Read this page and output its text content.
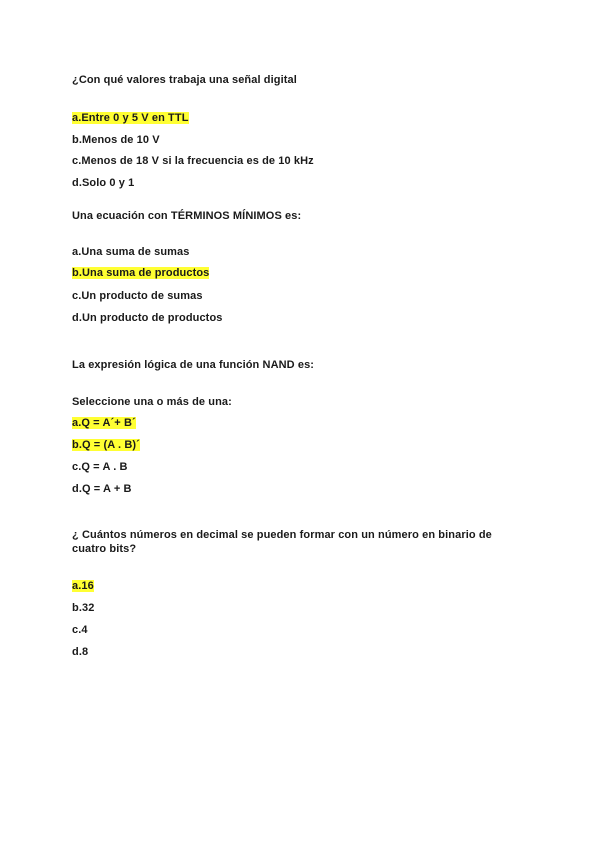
¿Con qué valores trabaja una señal digital
a.Entre 0 y 5 V en TTL
b.Menos de 10 V
c.Menos de 18 V si la frecuencia es de 10 kHz
d.Solo 0 y 1
Una ecuación con TÉRMINOS MÍNIMOS es:
a.Una suma de sumas
b.Una suma de productos
c.Un producto de sumas
d.Un producto de productos
La expresión lógica de una función NAND es:
Seleccione una o más de una:
a.Q = A´+ B´
b.Q = (A . B)´
c.Q = A . B
d.Q = A + B
¿ Cuántos números en decimal se pueden formar con un número en binario de cuatro bits?
a.16
b.32
c.4
d.8
